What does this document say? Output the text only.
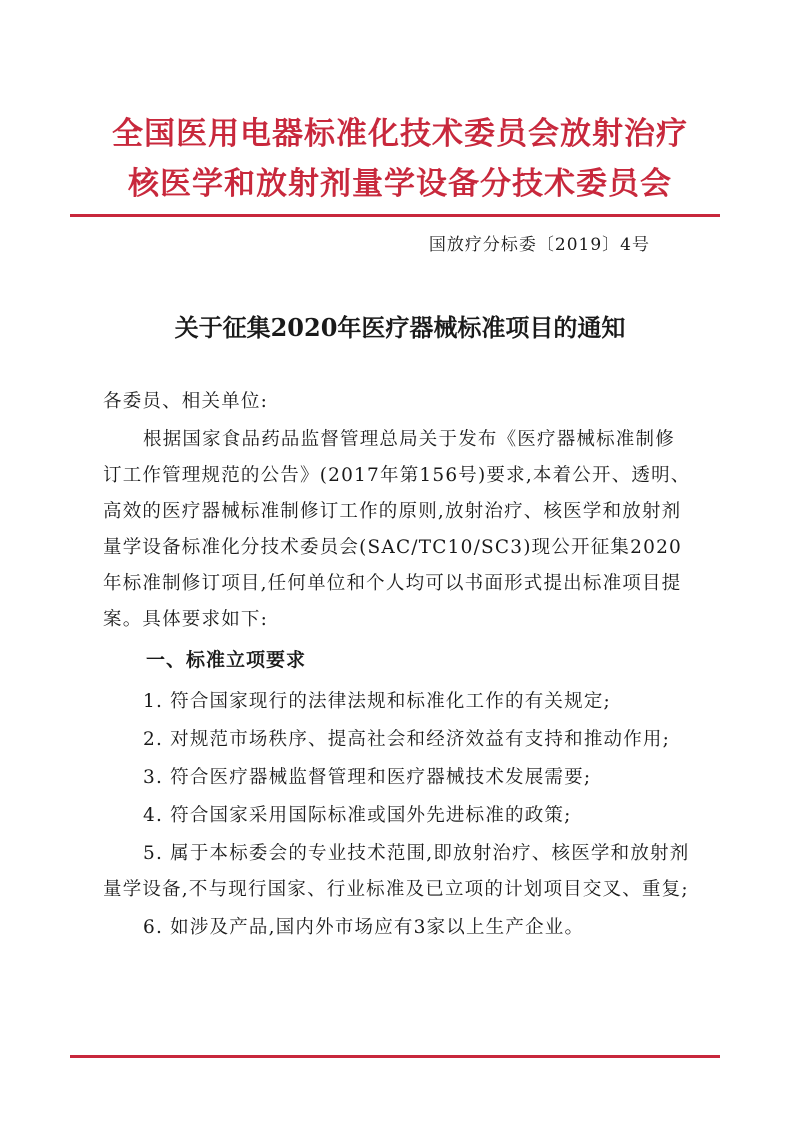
全国医用电器标准化技术委员会放射治疗
核医学和放射剂量学设备分技术委员会
国放疗分标委〔2019〕4号
关于征集2020年医疗器械标准项目的通知
各委员、相关单位:
根据国家食品药品监督管理总局关于发布《医疗器械标准制修订工作管理规范的公告》(2017年第156号)要求,本着公开、透明、高效的医疗器械标准制修订工作的原则,放射治疗、核医学和放射剂量学设备标准化分技术委员会(SAC/TC10/SC3)现公开征集2020年标准制修订项目,任何单位和个人均可以书面形式提出标准项目提案。具体要求如下:
一、标准立项要求
1. 符合国家现行的法律法规和标准化工作的有关规定;
2. 对规范市场秩序、提高社会和经济效益有支持和推动作用;
3. 符合医疗器械监督管理和医疗器械技术发展需要;
4. 符合国家采用国际标准或国外先进标准的政策;
5. 属于本标委会的专业技术范围,即放射治疗、核医学和放射剂量学设备,不与现行国家、行业标准及已立项的计划项目交叉、重复;
6. 如涉及产品,国内外市场应有3家以上生产企业。
